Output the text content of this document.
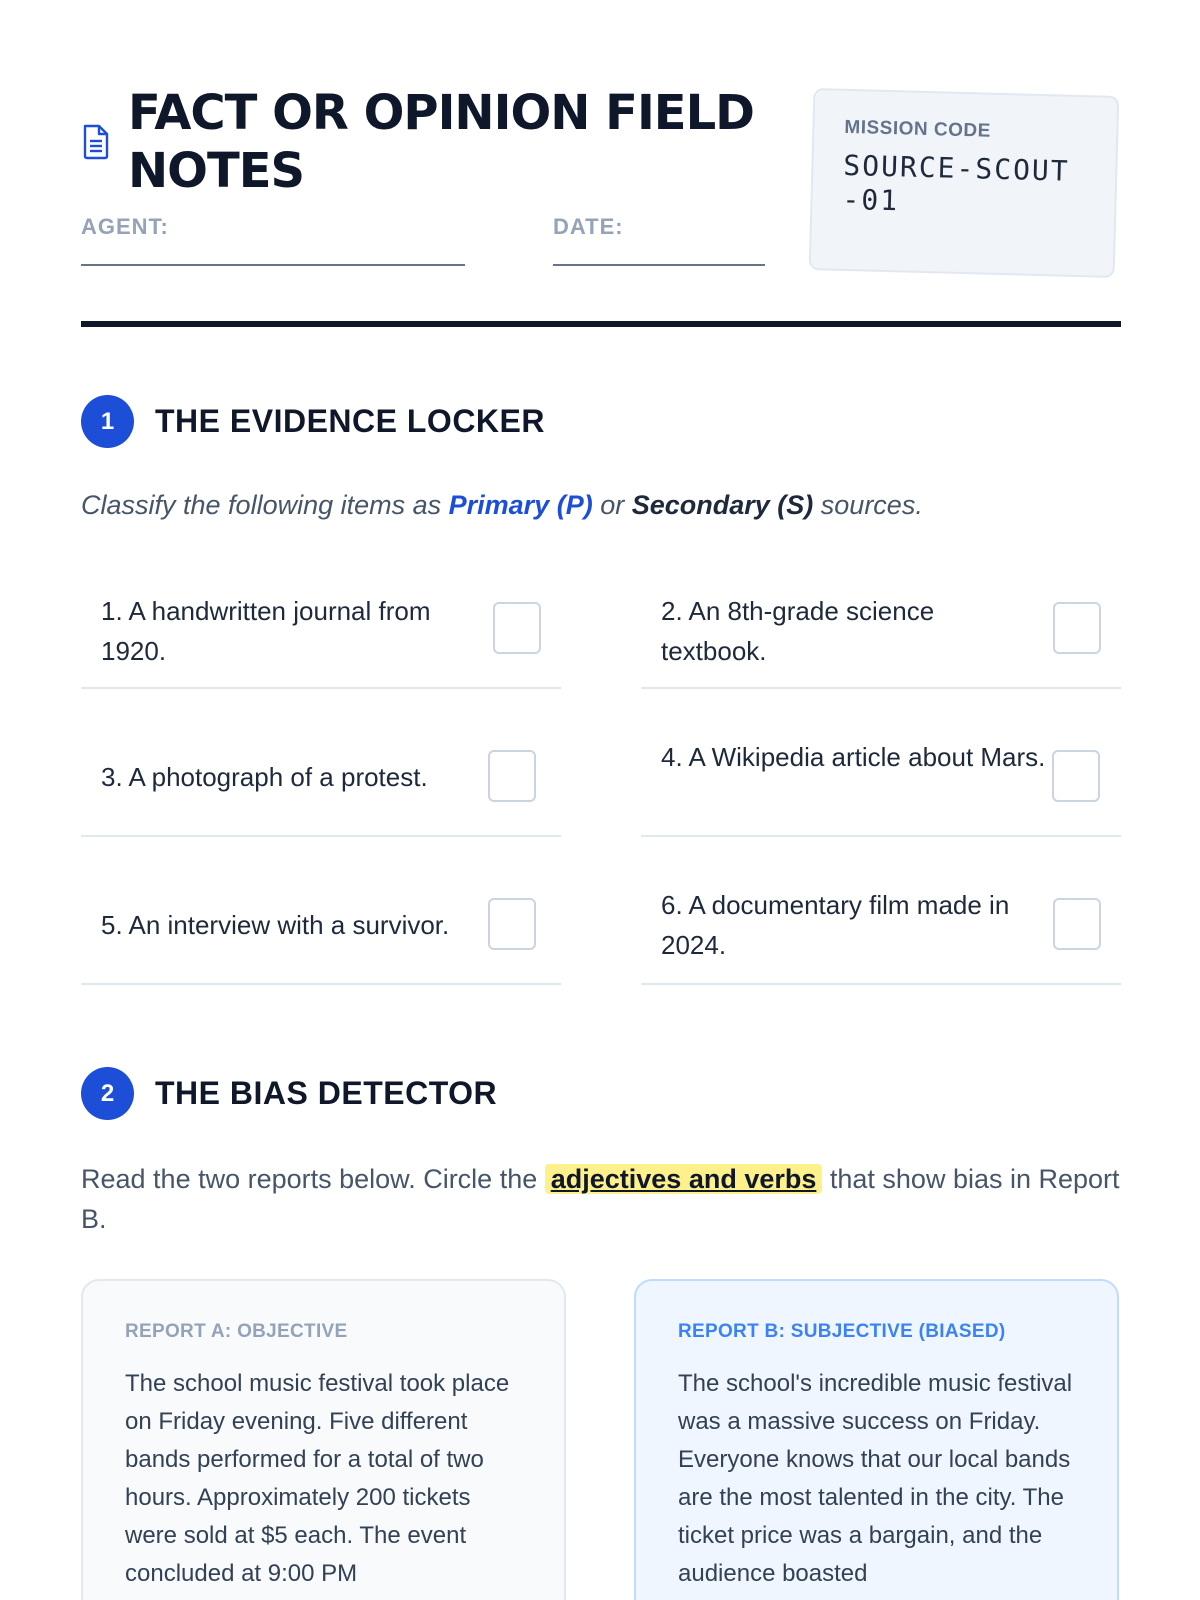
FACT OR OPINION FIELD NOTES
AGENT:	DATE:
MISSION CODE
SOURCE-SCOUT-01
1	THE EVIDENCE LOCKER
Classify the following items as Primary (P) or Secondary (S) sources.
1. A handwritten journal from 1920.
2. An 8th-grade science textbook.
3. A photograph of a protest.
4. A Wikipedia article about Mars.
5. An interview with a survivor.
6. A documentary film made in 2024.
2	THE BIAS DETECTOR
Read the two reports below. Circle the adjectives and verbs that show bias in Report B.
REPORT A: OBJECTIVE
The school music festival took place on Friday evening. Five different bands performed for a total of two hours. Approximately 200 tickets were sold at $5 each. The event concluded at 9:00 PM
REPORT B: SUBJECTIVE (BIASED)
The school's incredible music festival was a massive success on Friday. Everyone knows that our local bands are the most talented in the city. The ticket price was a bargain, and the audience boasted
